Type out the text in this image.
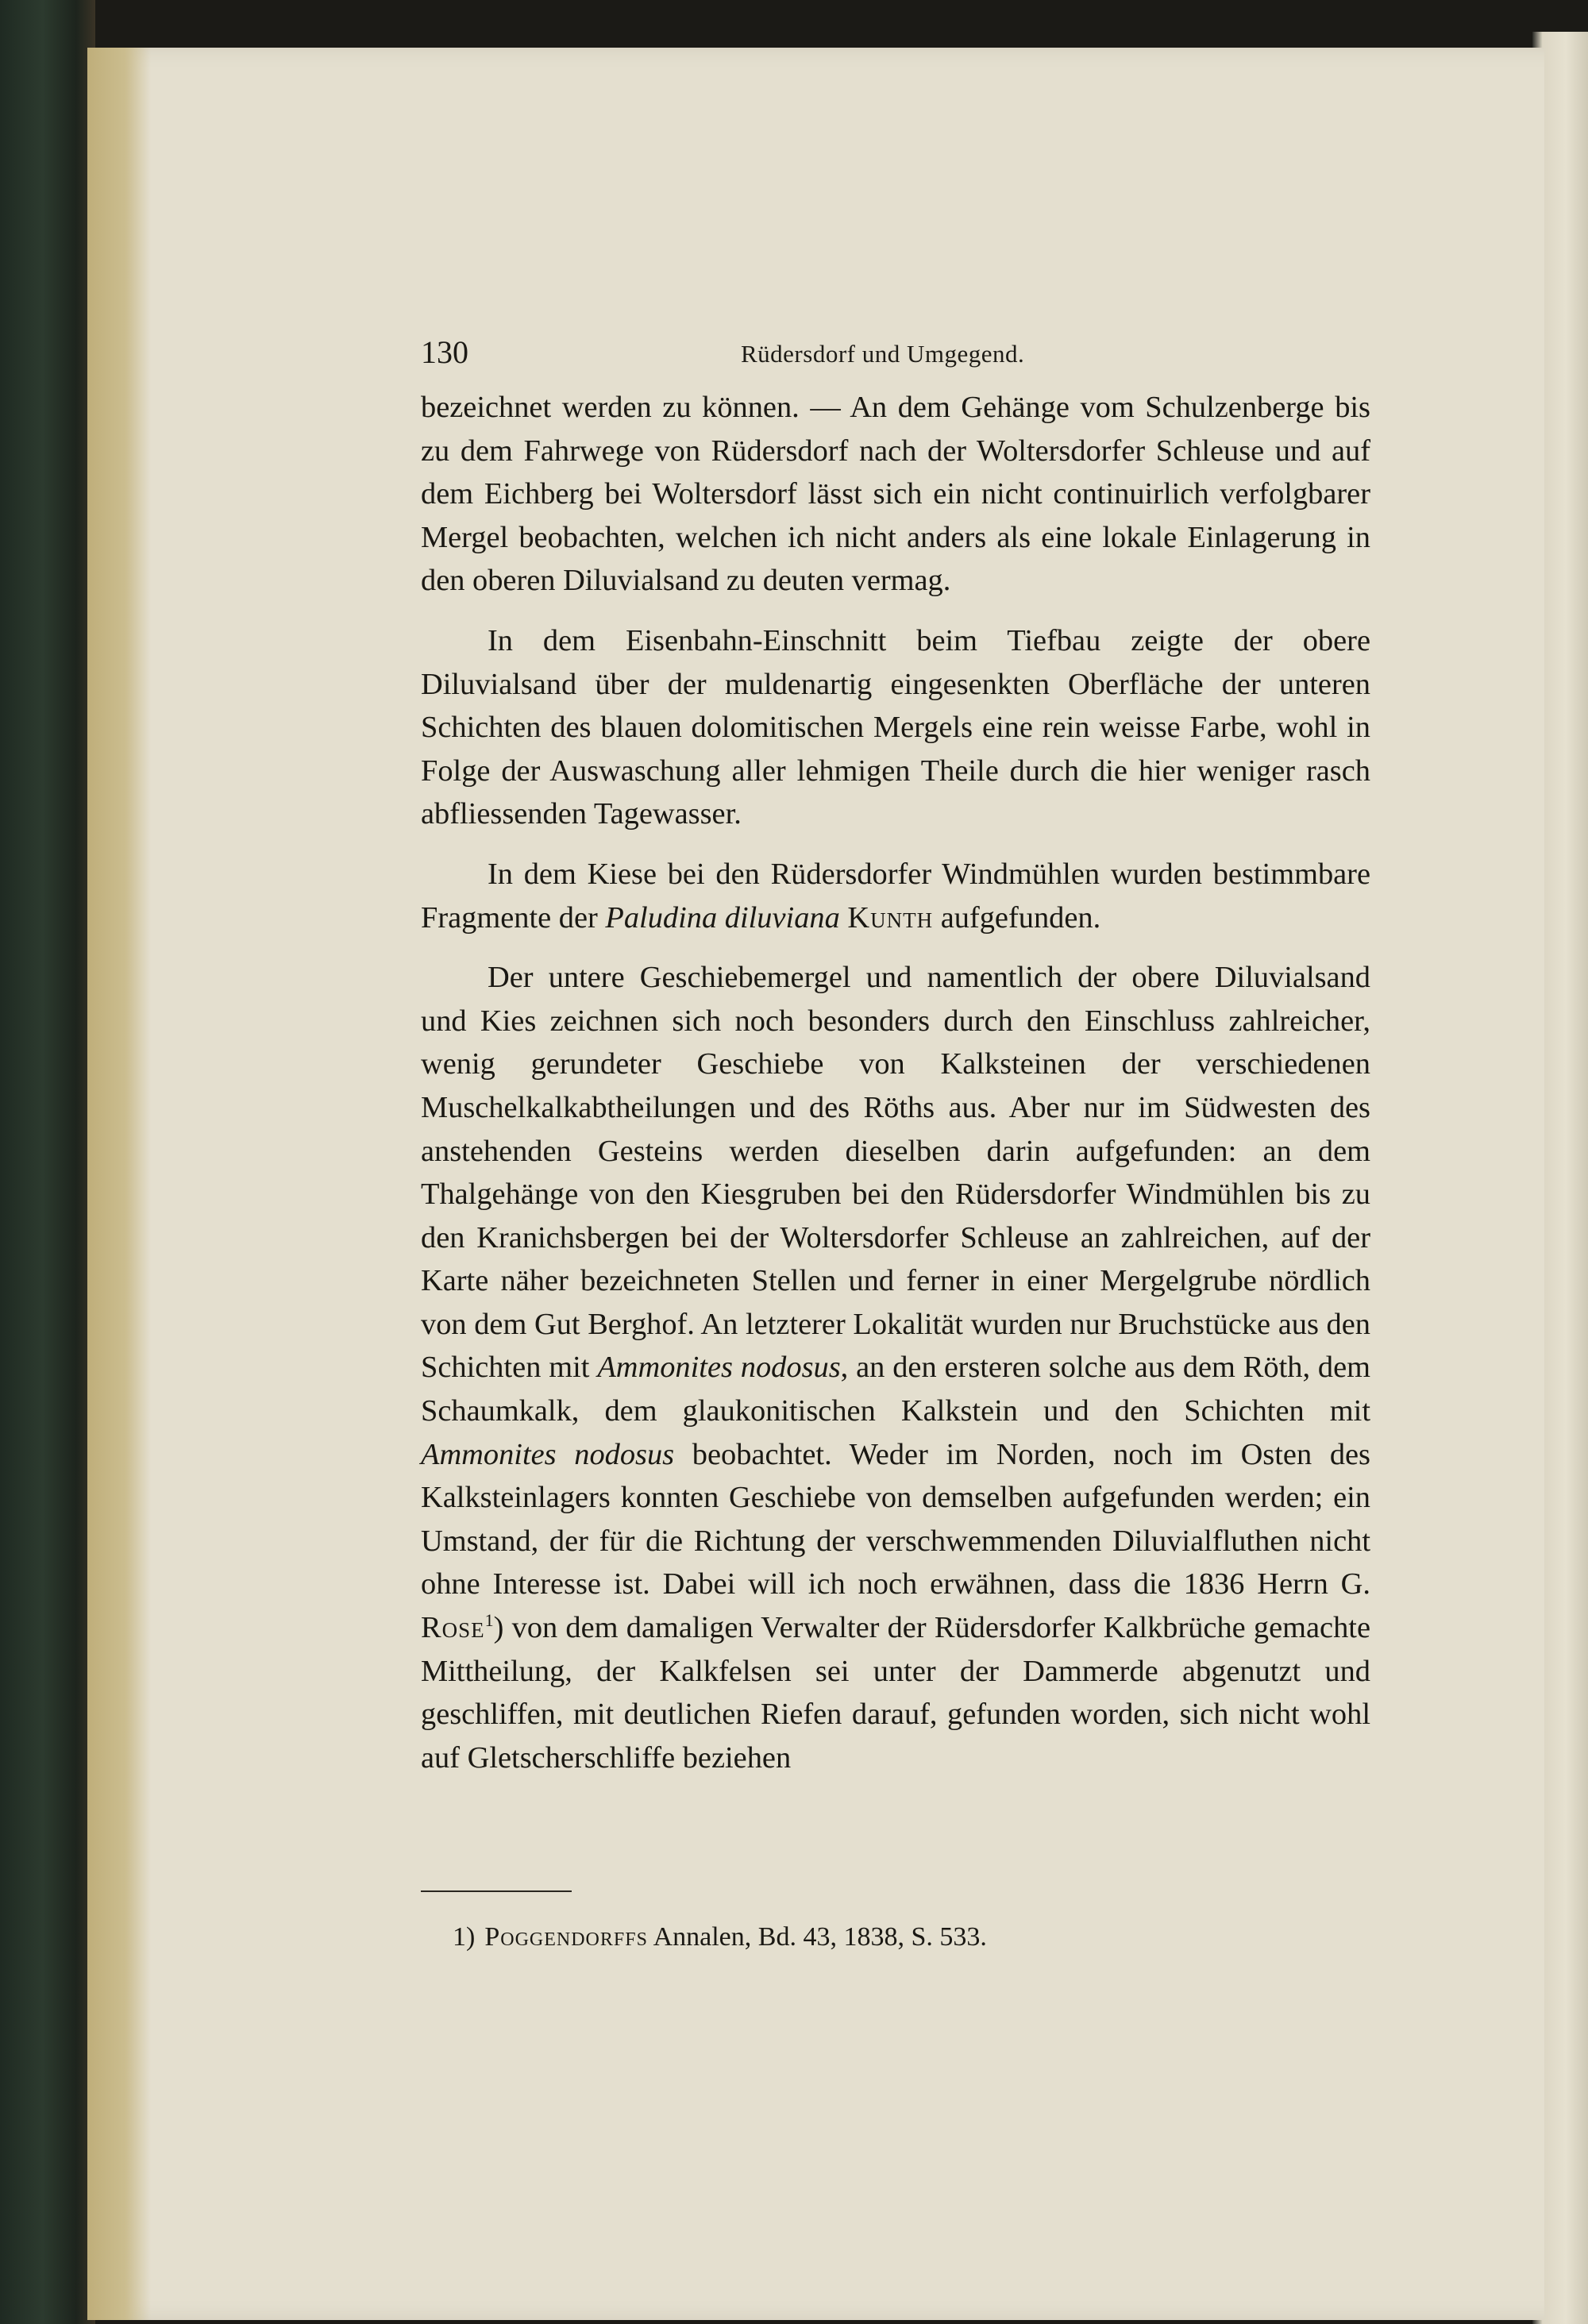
130	Rüdersdorf und Umgegend.

bezeichnet werden zu können. — An dem Gehänge vom Schulzenberge bis zu dem Fahrwege von Rüdersdorf nach der Woltersdorfer Schleuse und auf dem Eichberg bei Woltersdorf lässt sich ein nicht continuirlich verfolgbarer Mergel beobachten, welchen ich nicht anders als eine lokale Einlagerung in den oberen Diluvialsand zu deuten vermag.

In dem Eisenbahn-Einschnitt beim Tiefbau zeigte der obere Diluvialsand über der muldenartig eingesenkten Oberfläche der unteren Schichten des blauen dolomitischen Mergels eine rein weisse Farbe, wohl in Folge der Auswaschung aller lehmigen Theile durch die hier weniger rasch abfliessenden Tagewasser.

In dem Kiese bei den Rüdersdorfer Windmühlen wurden bestimmbare Fragmente der Paludina diluviana Kunth aufgefunden.

Der untere Geschiebemergel und namentlich der obere Diluvialsand und Kies zeichnen sich noch besonders durch den Einschluss zahlreicher, wenig gerundeter Geschiebe von Kalksteinen der verschiedenen Muschelkalkabtheilungen und des Röths aus. Aber nur im Südwesten des anstehenden Gesteins werden dieselben darin aufgefunden: an dem Thalgehänge von den Kiesgruben bei den Rüdersdorfer Windmühlen bis zu den Kranichsbergen bei der Woltersdorfer Schleuse an zahlreichen, auf der Karte näher bezeichneten Stellen und ferner in einer Mergelgrube nördlich von dem Gut Berghof. An letzterer Lokalität wurden nur Bruchstücke aus den Schichten mit Ammonites nodosus, an den ersteren solche aus dem Röth, dem Schaumkalk, dem glaukonitischen Kalkstein und den Schichten mit Ammonites nodosus beobachtet. Weder im Norden, noch im Osten des Kalksteinlagers konnten Geschiebe von demselben aufgefunden werden; ein Umstand, der für die Richtung der verschwemmenden Diluvialfluthen nicht ohne Interesse ist. Dabei will ich noch erwähnen, dass die 1836 Herrn G. Rose$^1$) von dem damaligen Verwalter der Rüdersdorfer Kalkbrüche gemachte Mittheilung, der Kalkfelsen sei unter der Dammerde abgenutzt und geschliffen, mit deutlichen Riefen darauf, gefunden worden, sich nicht wohl auf Gletscherschliffe beziehen

1) Poggendorffs Annalen, Bd. 43, 1838, S. 533.
